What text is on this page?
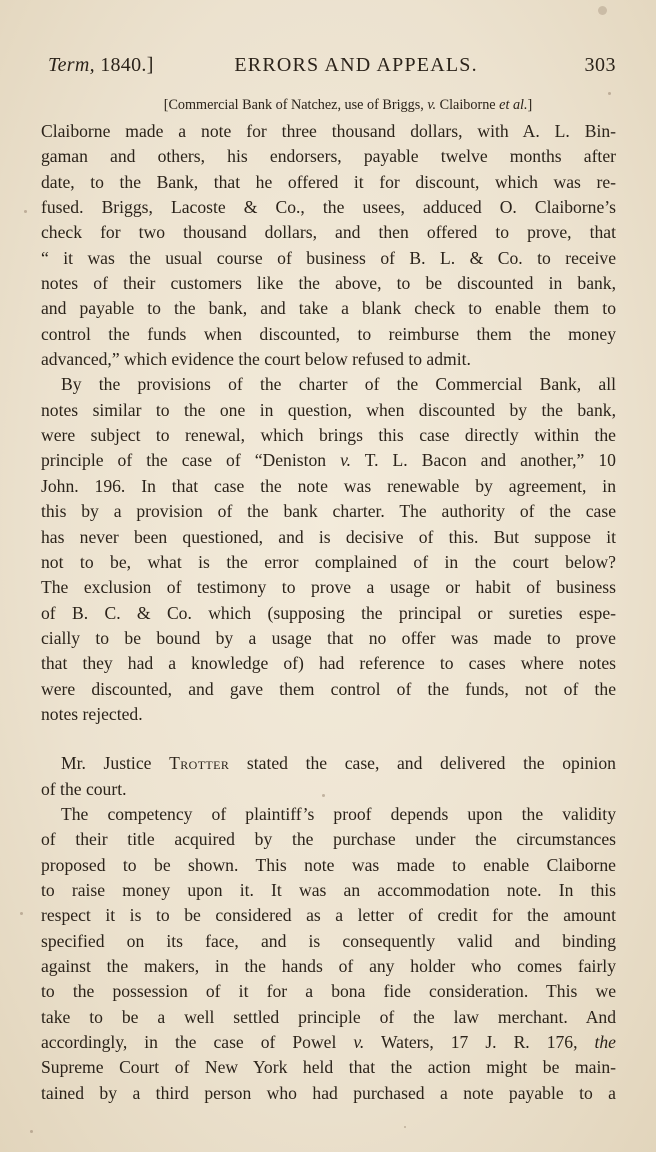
Term, 1840.]	ERRORS AND APPEALS.	303
[Commercial Bank of Natchez, use of Briggs, v. Claiborne et al.]
Claiborne made a note for three thousand dollars, with A. L. Bin-
gaman and others, his endorsers, payable twelve months after
date, to the Bank, that he offered it for discount, which was re-
fused. Briggs, Lacoste & Co., the usees, adduced O. Claiborne’s
check for two thousand dollars, and then offered to prove, that
“ it was the usual course of business of B. L. & Co. to receive
notes of their customers like the above, to be discounted in bank,
and payable to the bank, and take a blank check to enable them to
control the funds when discounted, to reimburse them the money
advanced,” which evidence the court below refused to admit.
By the provisions of the charter of the Commercial Bank, all
notes similar to the one in question, when discounted by the bank,
were subject to renewal, which brings this case directly within the
principle of the case of “Deniston v. T. L. Bacon and another,” 10
John. 196. In that case the note was renewable by agreement, in
this by a provision of the bank charter. The authority of the case
has never been questioned, and is decisive of this. But suppose it
not to be, what is the error complained of in the court below?
The exclusion of testimony to prove a usage or habit of business
of B. C. & Co. which (supposing the principal or sureties espe-
cially to be bound by a usage that no offer was made to prove
that they had a knowledge of) had reference to cases where notes
were discounted, and gave them control of the funds, not of the
notes rejected.
Mr. Justice Trotter stated the case, and delivered the opinion
of the court.
The competency of plaintiff’s proof depends upon the validity
of their title acquired by the purchase under the circumstances
proposed to be shown. This note was made to enable Claiborne
to raise money upon it. It was an accommodation note. In this
respect it is to be considered as a letter of credit for the amount
specified on its face, and is consequently valid and binding
against the makers, in the hands of any holder who comes fairly
to the possession of it for a bona fide consideration. This we
take to be a well settled principle of the law merchant. And
accordingly, in the case of Powel v. Waters, 17 J. R. 176, the
Supreme Court of New York held that the action might be main-
tained by a third person who had purchased a note payable to a
